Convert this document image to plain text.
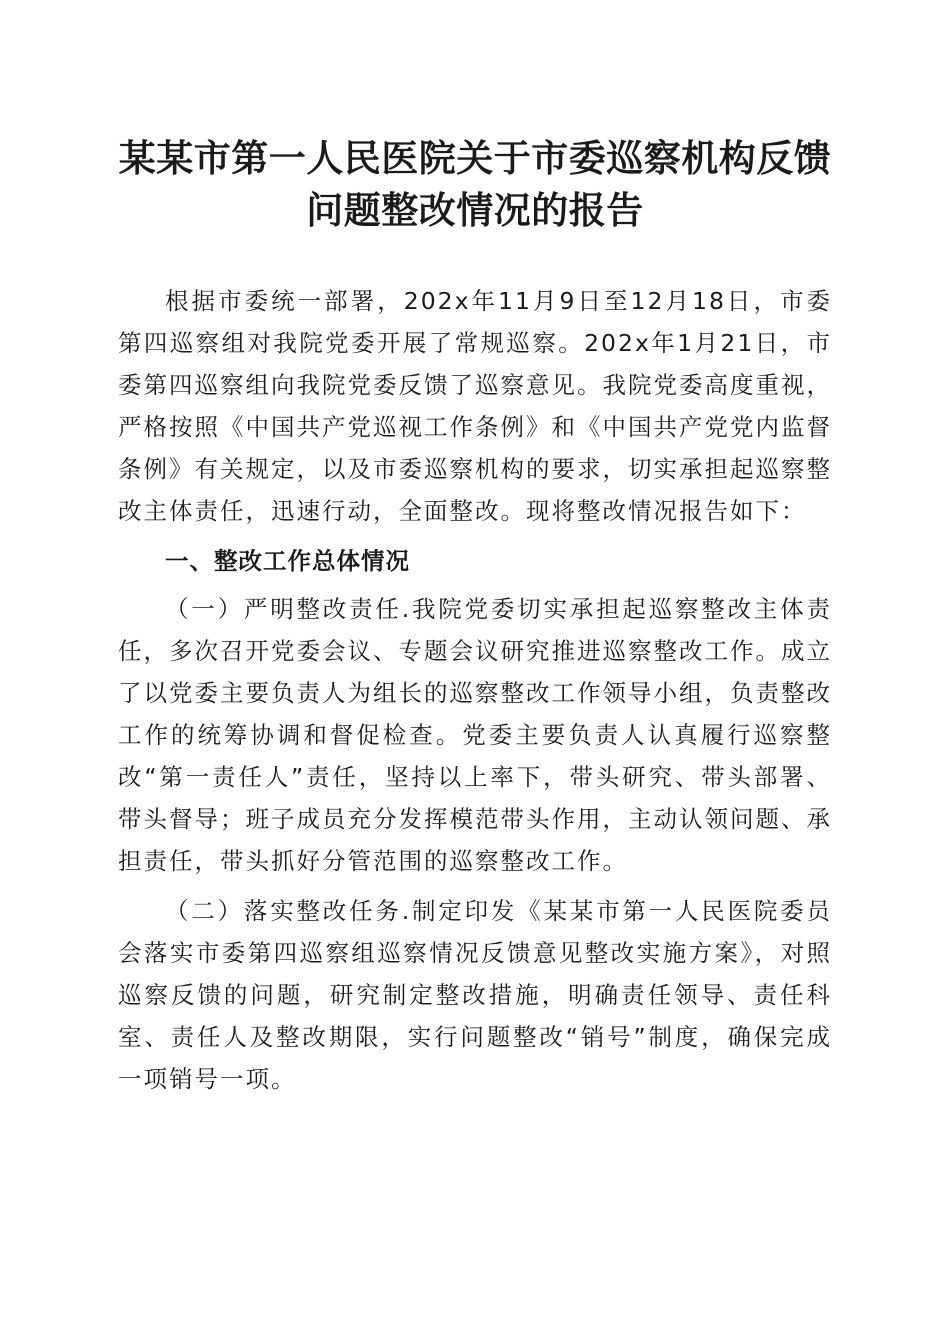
某某市第一人民医院关于市委巡察机构反馈问题整改情况的报告

根据市委统一部署，202x年11月9日至12月18日，市委第四巡察组对我院党委开展了常规巡察。202x年1月21日，市委第四巡察组向我院党委反馈了巡察意见。我院党委高度重视，严格按照《中国共产党巡视工作条例》和《中国共产党党内监督条例》有关规定，以及市委巡察机构的要求，切实承担起巡察整改主体责任，迅速行动，全面整改。现将整改情况报告如下：

一、整改工作总体情况

（一）严明整改责任.我院党委切实承担起巡察整改主体责任，多次召开党委会议、专题会议研究推进巡察整改工作。成立了以党委主要负责人为组长的巡察整改工作领导小组，负责整改工作的统筹协调和督促检查。党委主要负责人认真履行巡察整改“第一责任人”责任，坚持以上率下，带头研究、带头部署、带头督导；班子成员充分发挥模范带头作用，主动认领问题、承担责任，带头抓好分管范围的巡察整改工作。

（二）落实整改任务.制定印发《某某市第一人民医院委员会落实市委第四巡察组巡察情况反馈意见整改实施方案》，对照巡察反馈的问题，研究制定整改措施，明确责任领导、责任科室、责任人及整改期限，实行问题整改“销号”制度，确保完成一项销号一项。
